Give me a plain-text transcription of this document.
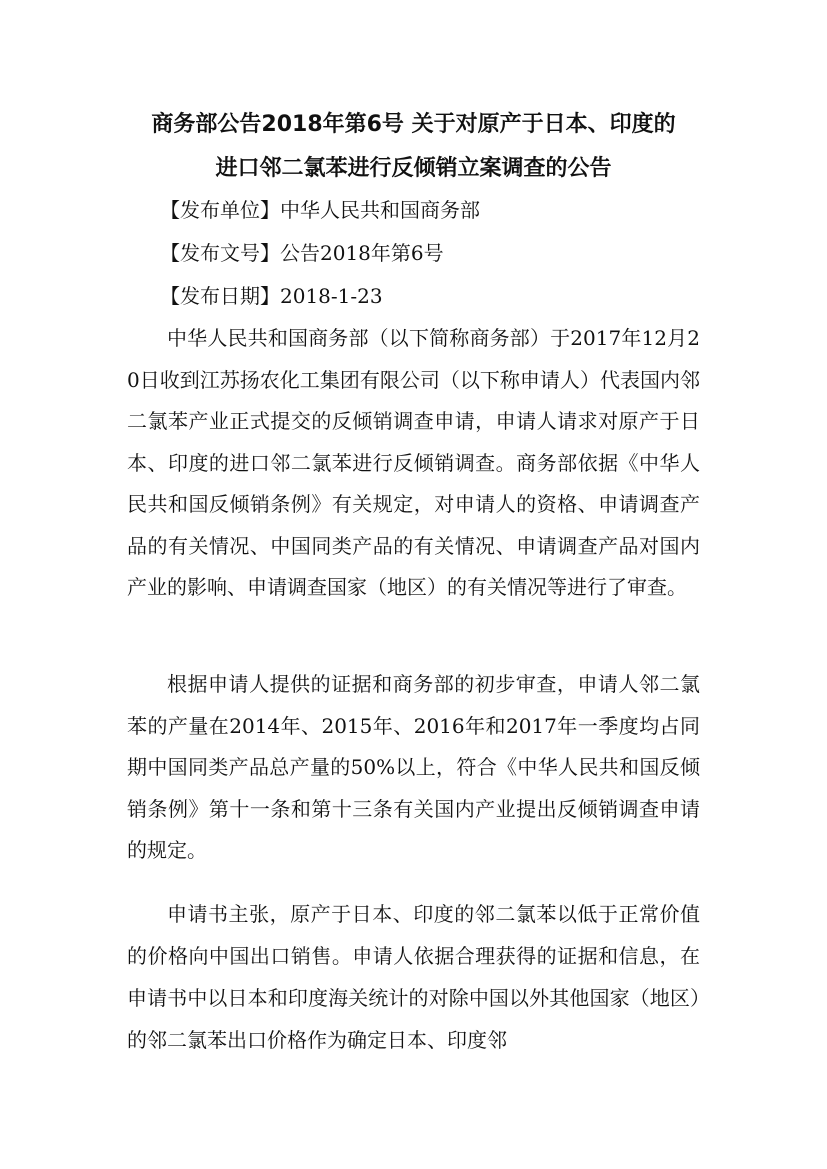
商务部公告2018年第6号 关于对原产于日本、印度的
进口邻二氯苯进行反倾销立案调查的公告

【发布单位】中华人民共和国商务部

【发布文号】公告2018年第6号

【发布日期】2018-1-23

中华人民共和国商务部（以下简称商务部）于2017年12月20日收到江苏扬农化工集团有限公司（以下称申请人）代表国内邻二氯苯产业正式提交的反倾销调查申请，申请人请求对原产于日本、印度的进口邻二氯苯进行反倾销调查。商务部依据《中华人民共和国反倾销条例》有关规定，对申请人的资格、申请调查产品的有关情况、中国同类产品的有关情况、申请调查产品对国内产业的影响、申请调查国家（地区）的有关情况等进行了审查。

根据申请人提供的证据和商务部的初步审查，申请人邻二氯苯的产量在2014年、2015年、2016年和2017年一季度均占同期中国同类产品总产量的50%以上，符合《中华人民共和国反倾销条例》第十一条和第十三条有关国内产业提出反倾销调查申请的规定。

申请书主张，原产于日本、印度的邻二氯苯以低于正常价值的价格向中国出口销售。申请人依据合理获得的证据和信息，在申请书中以日本和印度海关统计的对除中国以外其他国家（地区）的邻二氯苯出口价格作为确定日本、印度邻
